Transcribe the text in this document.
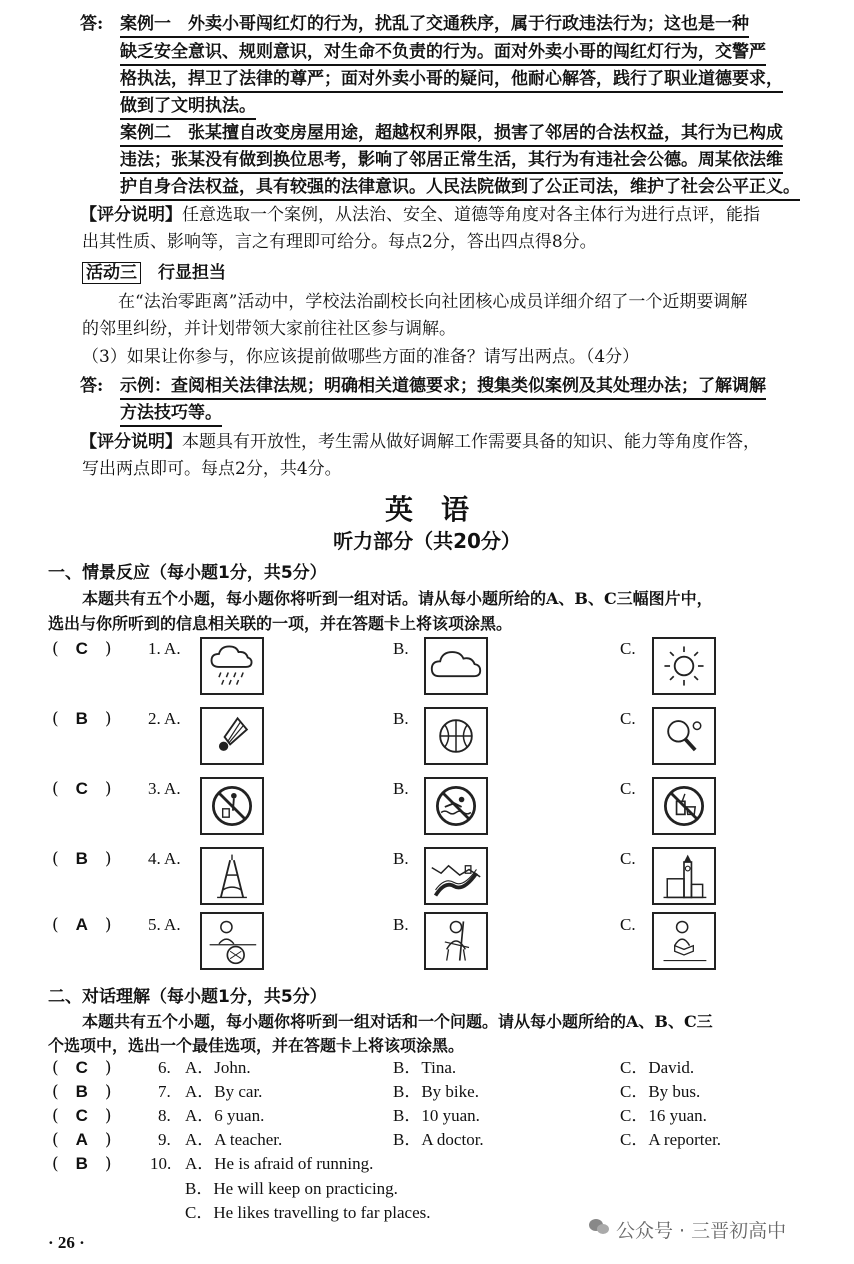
答: 案例一　外卖小哥闯红灯的行为，扰乱了交通秩序，属于行政违法行为；这也是一种
缺乏安全意识、规则意识，对生命不负责的行为。面对外卖小哥的闯红灯行为，交警严
格执法，捍卫了法律的尊严；面对外卖小哥的疑问，他耐心解答，践行了职业道德要求，
做到了文明执法。
案例二　张某擅自改变房屋用途，超越权利界限，损害了邻居的合法权益，其行为已构成
违法；张某没有做到换位思考，影响了邻居正常生活，其行为有违社会公德。周某依法维
护自身合法权益，具有较强的法律意识。人民法院做到了公正司法，维护了社会公平正义。
【评分说明】任意选取一个案例，从法治、安全、道德等角度对各主体行为进行点评，能指
出其性质、影响等，言之有理即可给分。每点2分，答出四点得8分。
活动三　 行显担当
在“法治零距离”活动中，学校法治副校长向社团核心成员详细介绍了一个近期要调解
的邻里纠纷，并计划带领大家前往社区参与调解。
（3）如果让你参与，你应该提前做哪些方面的准备？请写出两点。（4分）
答: 示例：查阅相关法律法规；明确相关道德要求；搜集类似案例及其处理办法；了解调解
方法技巧等。
【评分说明】本题具有开放性，考生需从做好调解工作需要具备的知识、能力等角度作答，
写出两点即可。每点2分，共4分。
英　语
听力部分（共20分）
一、情景反应（每小题1分，共5分）
本题共有五个小题，每小题你将听到一组对话。请从每小题所给的A、B、C三幅图片中，
选出与你所听到的信息相关联的一项，并在答题卡上将该项涂黑。
(　C　) 1. A.	B.	C.
(　B　) 2. A.	B.	C.
(　C　) 3. A.	B.	C.
(　B　) 4. A.	B.	C.
(　A　) 5. A.	B.	C.
二、对话理解（每小题1分，共5分）
本题共有五个小题，每小题你将听到一组对话和一个问题。请从每小题所给的A、B、C三
个选项中，选出一个最佳选项，并在答题卡上将该项涂黑。
(　C　)	6. A．John.	B．Tina.	C．David.
(　B　)	7. A．By car.	B．By bike.	C．By bus.
(　C　)	8. A．6 yuan.	B．10 yuan.	C．16 yuan.
(　A　)	9. A．A teacher.	B．A doctor.	C．A reporter.
(　B　) 10. A．He is afraid of running.
B．He will keep on practicing.
C．He likes travelling to far places.
· 26 ·
公众号 · 三晋初高中
